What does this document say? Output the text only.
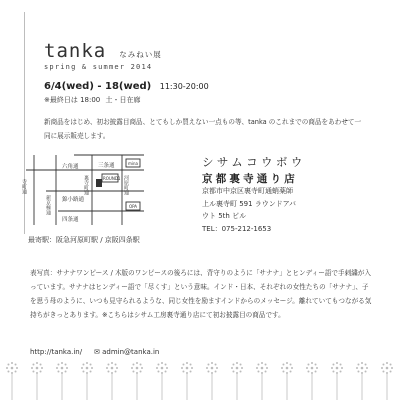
tanka なみねい展
spring & summer 2014
6/4(wed) - 18(wed) 11:30-20:00
※最終日は 18:00 土・日在廊
新商品をはじめ、初お披露目商品、とてもしか買えない一点もの等、tanka のこれまでの商品をあわせて一同に展示販売します。
三条通
六角通
寺町通
新京極通 錦小路通
四条通
裏寺町通	河原町通
mina
ROUND1
OPA
シサムコウボウ
京都裏寺通り店
京都市中京区裏寺町通蛸薬師
上ル裏寺町 591 ラウンドアバ
ウト 5th ビル
TEL：075-212-1653
最寄駅：阪急河原町駅 / 京阪四条駅
表写真：サナナワンピース / 木版のワンピースの後ろには、背守りのように「サナナ」とヒンディー語で手刺繍が入っています。サナナはヒンディー語で「尽くす」という意味。インド・日本、それぞれの女性たちの「サナナ」、子を思う母のように、いつも見守られるような、同じ女性を励ますインドからのメッセージ。離れていてもつながる気持ちがきっとあります。※こちらはシサム工房裏寺通り店にて初お披露目の商品です。
http://tanka.in/ ✉ admin@tanka.in
